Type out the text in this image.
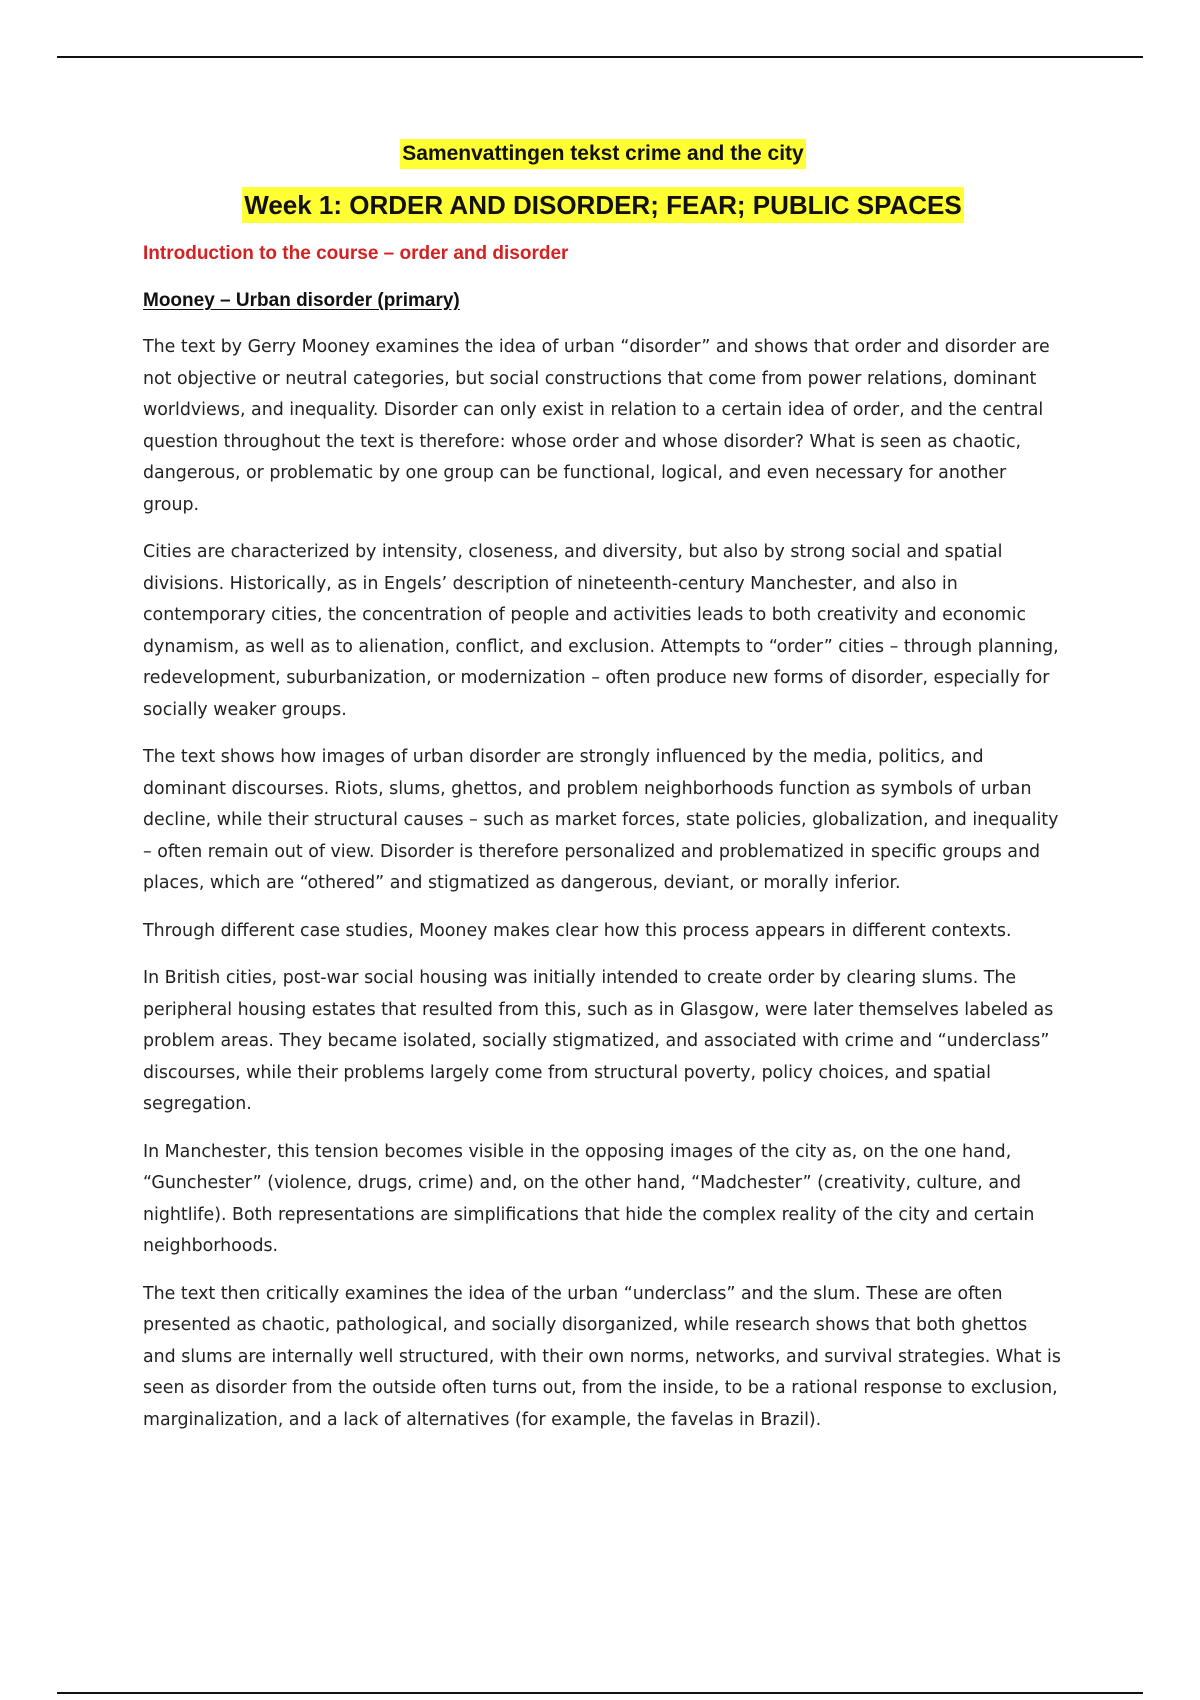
Samenvattingen tekst crime and the city
Week 1: ORDER AND DISORDER; FEAR; PUBLIC SPACES
Introduction to the course – order and disorder
Mooney – Urban disorder (primary)

The text by Gerry Mooney examines the idea of urban “disorder” and shows that order and disorder are not objective or neutral categories, but social constructions that come from power relations, dominant worldviews, and inequality. Disorder can only exist in relation to a certain idea of order, and the central question throughout the text is therefore: whose order and whose disorder? What is seen as chaotic, dangerous, or problematic by one group can be functional, logical, and even necessary for another group.

Cities are characterized by intensity, closeness, and diversity, but also by strong social and spatial divisions. Historically, as in Engels’ description of nineteenth-century Manchester, and also in contemporary cities, the concentration of people and activities leads to both creativity and economic dynamism, as well as to alienation, conflict, and exclusion. Attempts to “order” cities – through planning, redevelopment, suburbanization, or modernization – often produce new forms of disorder, especially for socially weaker groups.

The text shows how images of urban disorder are strongly influenced by the media, politics, and dominant discourses. Riots, slums, ghettos, and problem neighborhoods function as symbols of urban decline, while their structural causes – such as market forces, state policies, globalization, and inequality – often remain out of view. Disorder is therefore personalized and problematized in specific groups and places, which are “othered” and stigmatized as dangerous, deviant, or morally inferior.

Through different case studies, Mooney makes clear how this process appears in different contexts.

In British cities, post-war social housing was initially intended to create order by clearing slums. The peripheral housing estates that resulted from this, such as in Glasgow, were later themselves labeled as problem areas. They became isolated, socially stigmatized, and associated with crime and “underclass” discourses, while their problems largely come from structural poverty, policy choices, and spatial segregation.

In Manchester, this tension becomes visible in the opposing images of the city as, on the one hand, “Gunchester” (violence, drugs, crime) and, on the other hand, “Madchester” (creativity, culture, and nightlife). Both representations are simplifications that hide the complex reality of the city and certain neighborhoods.

The text then critically examines the idea of the urban “underclass” and the slum. These are often presented as chaotic, pathological, and socially disorganized, while research shows that both ghettos and slums are internally well structured, with their own norms, networks, and survival strategies. What is seen as disorder from the outside often turns out, from the inside, to be a rational response to exclusion, marginalization, and a lack of alternatives (for example, the favelas in Brazil).
